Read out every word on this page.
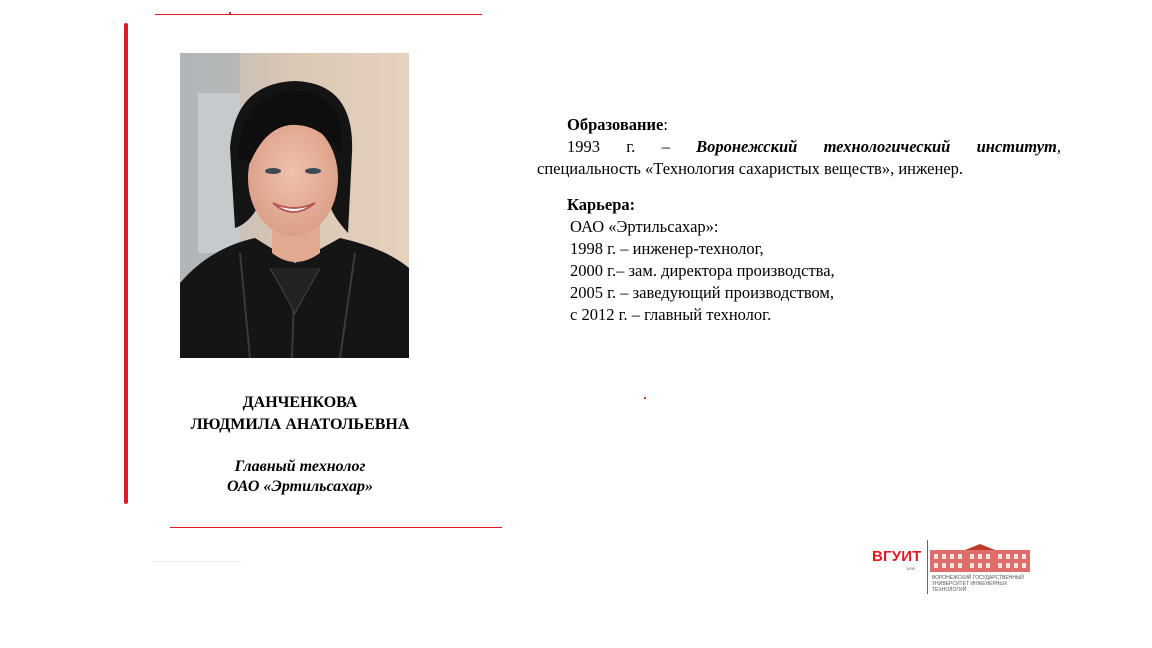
ДАНЧЕНКОВА
ЛЮДМИЛА АНАТОЛЬЕВНА
Главный технолог
ОАО «Эртильсахар»

Образование:

1993 г. – Воронежский технологический институт,

специальность «Технология сахаристых веществ», инженер.

Карьера:

ОАО «Эртильсахар»:

1998 г. – инженер-технолог,

2000 г.– зам. директора производства,

2005 г. – заведующий производством,

с 2012 г. – главный технолог.

ВГУИТ
1930
ВОРОНЕЖСКИЙ ГОСУДАРСТВЕННЫЙ УНИВЕРСИТЕТ ИНЖЕНЕРНЫХ ТЕХНОЛОГИЙ
